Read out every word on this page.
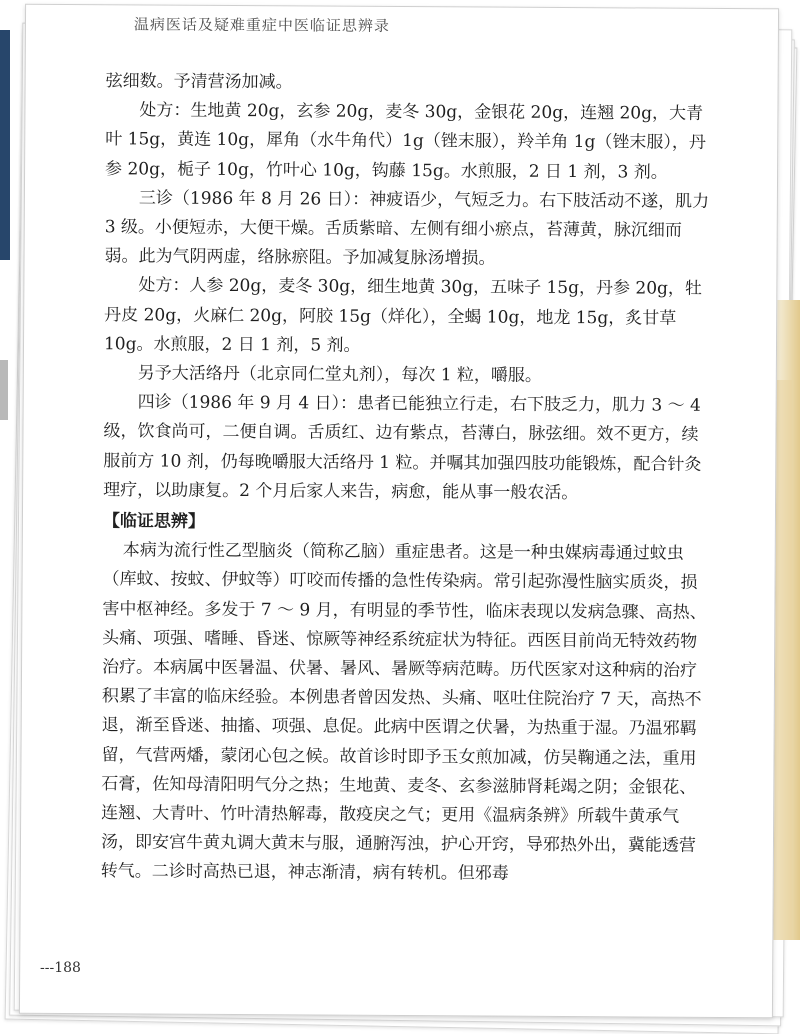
温病医话及疑难重症中医临证思辨录

弦细数。予清营汤加减。

处方：生地黄 20g，玄参 20g，麦冬 30g，金银花 20g，连翘 20g，大青叶 15g，黄连 10g，犀角（水牛角代）1g（锉末服），羚羊角 1g（锉末服），丹参 20g，栀子 10g，竹叶心 10g，钩藤 15g。水煎服，2 日 1 剂，3 剂。

三诊（1986 年 8 月 26 日）：神疲语少，气短乏力。右下肢活动不遂，肌力 3 级。小便短赤，大便干燥。舌质紫暗、左侧有细小瘀点，苔薄黄，脉沉细而弱。此为气阴两虚，络脉瘀阻。予加减复脉汤增损。

处方：人参 20g，麦冬 30g，细生地黄 30g，五味子 15g，丹参 20g，牡丹皮 20g，火麻仁 20g，阿胶 15g（烊化），全蝎 10g，地龙 15g，炙甘草 10g。水煎服，2 日 1 剂，5 剂。

另予大活络丹（北京同仁堂丸剂），每次 1 粒，嚼服。

四诊（1986 年 9 月 4 日）：患者已能独立行走，右下肢乏力，肌力 3 ～ 4 级，饮食尚可，二便自调。舌质红、边有紫点，苔薄白，脉弦细。效不更方，续服前方 10 剂，仍每晚嚼服大活络丹 1 粒。并嘱其加强四肢功能锻炼，配合针灸理疗，以助康复。2 个月后家人来告，病愈，能从事一般农活。

【临证思辨】

本病为流行性乙型脑炎（简称乙脑）重症患者。这是一种虫媒病毒通过蚊虫（库蚊、按蚊、伊蚊等）叮咬而传播的急性传染病。常引起弥漫性脑实质炎，损害中枢神经。多发于 7 ～ 9 月，有明显的季节性，临床表现以发病急骤、高热、头痛、项强、嗜睡、昏迷、惊厥等神经系统症状为特征。西医目前尚无特效药物治疗。本病属中医暑温、伏暑、暑风、暑厥等病范畴。历代医家对这种病的治疗积累了丰富的临床经验。本例患者曾因发热、头痛、呕吐住院治疗 7 天，高热不退，渐至昏迷、抽搐、项强、息促。此病中医谓之伏暑，为热重于湿。乃温邪羁留，气营两燔，蒙闭心包之候。故首诊时即予玉女煎加减，仿吴鞠通之法，重用石膏，佐知母清阳明气分之热；生地黄、麦冬、玄参滋肺肾耗竭之阴；金银花、连翘、大青叶、竹叶清热解毒，散疫戾之气；更用《温病条辨》所载牛黄承气汤，即安宫牛黄丸调大黄末与服，通腑泻浊，护心开窍，导邪热外出，冀能透营转气。二诊时高热已退，神志渐清，病有转机。但邪毒

---188
